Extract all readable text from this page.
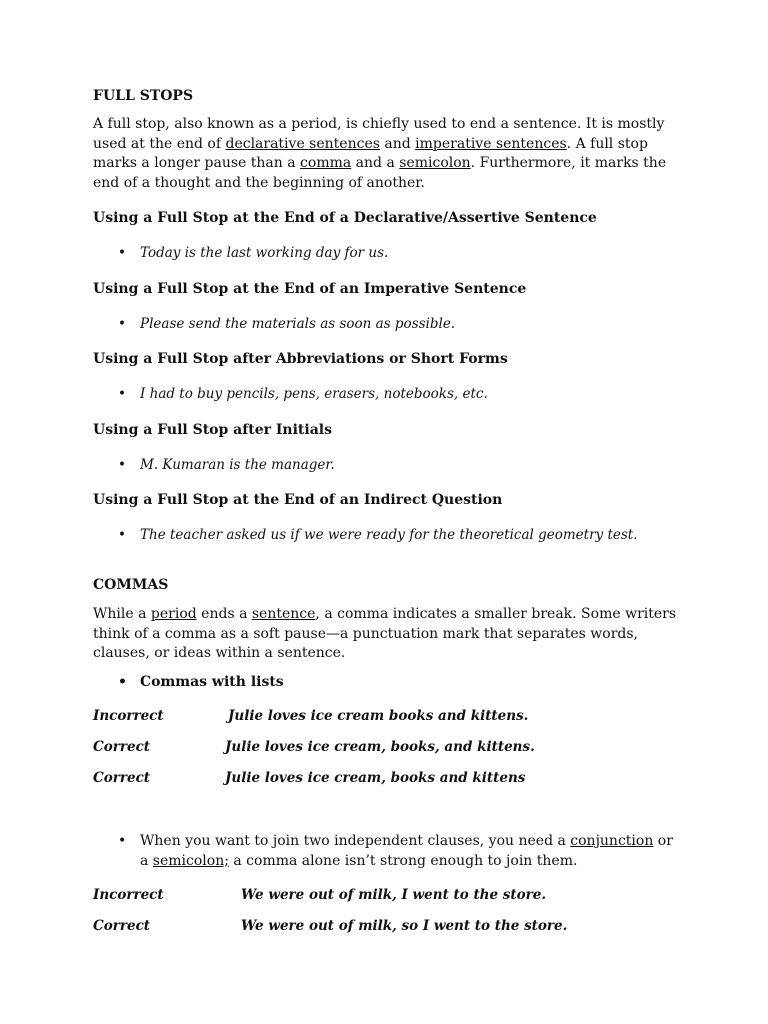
FULL STOPS
A full stop, also known as a period, is chiefly used to end a sentence. It is mostly used at the end of declarative sentences and imperative sentences. A full stop marks a longer pause than a comma and a semicolon. Furthermore, it marks the end of a thought and the beginning of another.
Using a Full Stop at the End of a Declarative/Assertive Sentence
• Today is the last working day for us.
Using a Full Stop at the End of an Imperative Sentence
• Please send the materials as soon as possible.
Using a Full Stop after Abbreviations or Short Forms
• I had to buy pencils, pens, erasers, notebooks, etc.
Using a Full Stop after Initials
• M. Kumaran is the manager.
Using a Full Stop at the End of an Indirect Question
• The teacher asked us if we were ready for the theoretical geometry test.
COMMAS
While a period ends a sentence, a comma indicates a smaller break. Some writers think of a comma as a soft pause—a punctuation mark that separates words, clauses, or ideas within a sentence.
• Commas with lists
Incorrect	Julie loves ice cream books and kittens.
Correct	Julie loves ice cream, books, and kittens.
Correct	Julie loves ice cream, books and kittens
• When you want to join two independent clauses, you need a conjunction or a semicolon; a comma alone isn’t strong enough to join them.
Incorrect	We were out of milk, I went to the store.
Correct	We were out of milk, so I went to the store.
